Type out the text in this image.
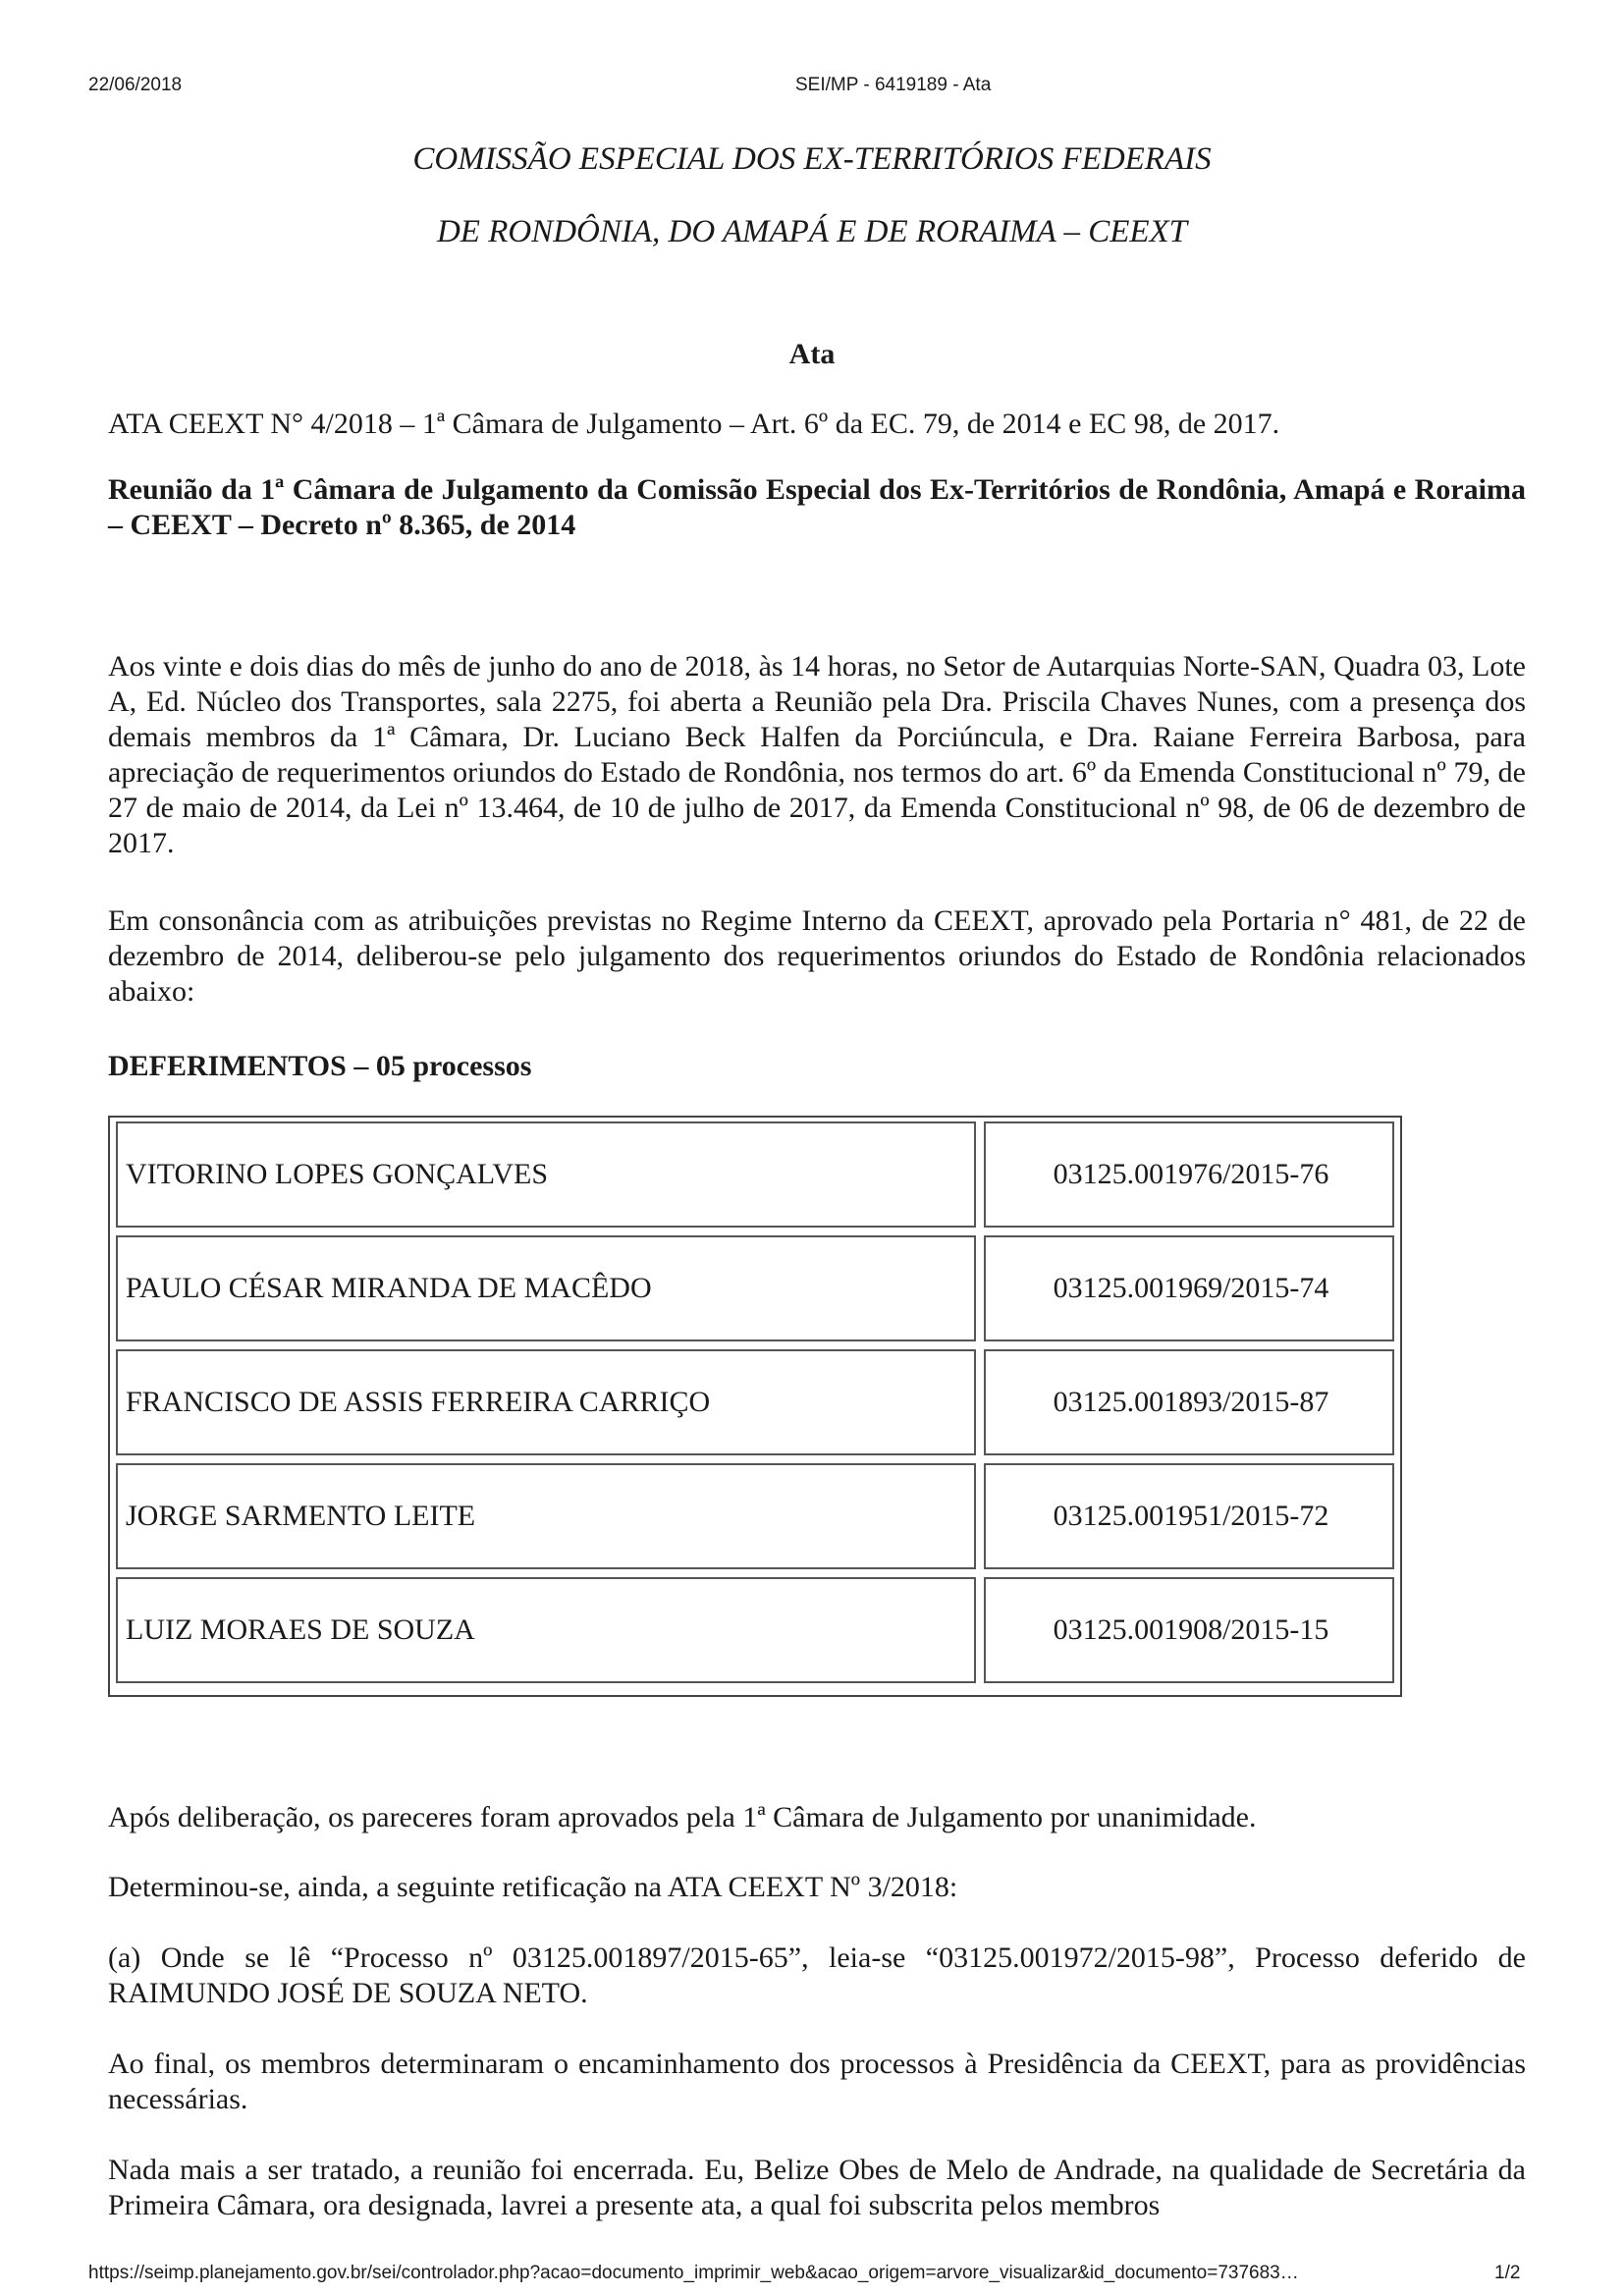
22/06/2018	SEI/MP - 6419189 - Ata
COMISSÃO ESPECIAL DOS EX-TERRITÓRIOS FEDERAIS
DE RONDÔNIA, DO AMAPÁ E DE RORAIMA – CEEXT
Ata

ATA CEEXT N° 4/2018 – 1ª Câmara de Julgamento – Art. 6º da EC. 79, de 2014 e EC 98, de 2017.

Reunião da 1ª Câmara de Julgamento da Comissão Especial dos Ex-Territórios de Rondônia, Amapá e Roraima – CEEXT – Decreto nº 8.365, de 2014

Aos vinte e dois dias do mês de junho do ano de 2018, às 14 horas, no Setor de Autarquias Norte-SAN, Quadra 03, Lote A, Ed. Núcleo dos Transportes, sala 2275, foi aberta a Reunião pela Dra. Priscila Chaves Nunes, com a presença dos demais membros da 1ª Câmara, Dr. Luciano Beck Halfen da Porciúncula, e Dra. Raiane Ferreira Barbosa, para apreciação de requerimentos oriundos do Estado de Rondônia, nos termos do art. 6º da Emenda Constitucional nº 79, de 27 de maio de 2014, da Lei nº 13.464, de 10 de julho de 2017, da Emenda Constitucional nº 98, de 06 de dezembro de 2017.

Em consonância com as atribuições previstas no Regime Interno da CEEXT, aprovado pela Portaria n° 481, de 22 de dezembro de 2014, deliberou-se pelo julgamento dos requerimentos oriundos do Estado de Rondônia relacionados abaixo:

DEFERIMENTOS – 05 processos

VITORINO LOPES GONÇALVES	03125.001976/2015-76
PAULO CÉSAR MIRANDA DE MACÊDO	03125.001969/2015-74
FRANCISCO DE ASSIS FERREIRA CARRIÇO	03125.001893/2015-87
JORGE SARMENTO LEITE	03125.001951/2015-72
LUIZ MORAES DE SOUZA	03125.001908/2015-15

Após deliberação, os pareceres foram aprovados pela 1ª Câmara de Julgamento por unanimidade.

Determinou-se, ainda, a seguinte retificação na ATA CEEXT Nº 3/2018:

(a) Onde se lê “Processo nº 03125.001897/2015-65”, leia-se “03125.001972/2015-98”, Processo deferido de RAIMUNDO JOSÉ DE SOUZA NETO.

Ao final, os membros determinaram o encaminhamento dos processos à Presidência da CEEXT, para as providências necessárias.

Nada mais a ser tratado, a reunião foi encerrada. Eu, Belize Obes de Melo de Andrade, na qualidade de Secretária da Primeira Câmara, ora designada, lavrei a presente ata, a qual foi subscrita pelos membros

https://seimp.planejamento.gov.br/sei/controlador.php?acao=documento_imprimir_web&acao_origem=arvore_visualizar&id_documento=737683…	1/2
